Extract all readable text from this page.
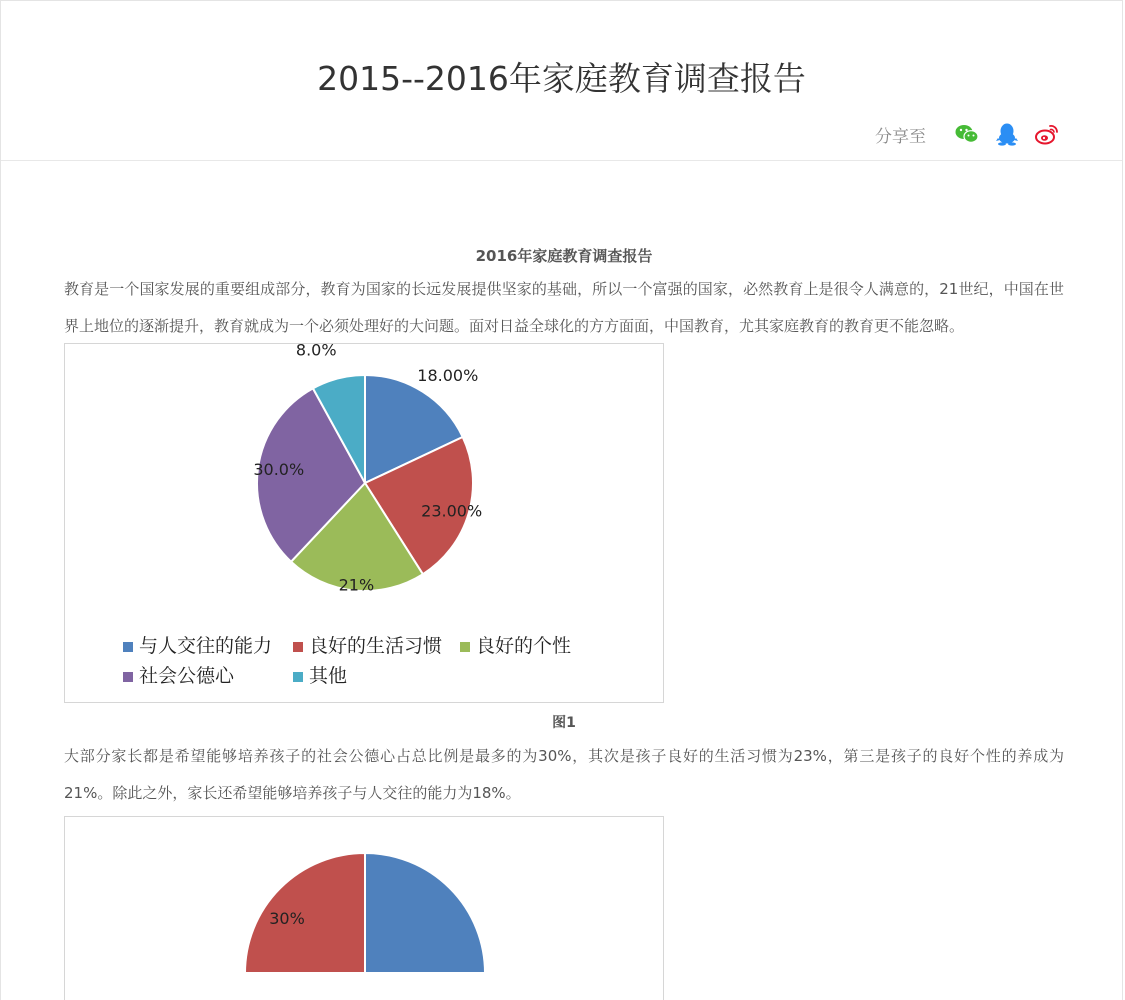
2015--2016年家庭教育调查报告
分享至
2016年家庭教育调查报告

教育是一个国家发展的重要组成部分，教育为国家的长远发展提供坚家的基础，所以一个富强的国家，必然教育上是很令人满意的，21世纪，中国在世界上地位的逐渐提升，教育就成为一个必须处理好的大问题。面对日益全球化的方方面面，中国教育，尤其家庭教育的教育更不能忽略。

18.00%
23.00%
21%
30.0%
8.0%
与人交往的能力 良好的生活习惯 良好的个性
社会公德心	其他
图1

大部分家长都是希望能够培养孩子的社会公德心占总比例是最多的为30%，其次是孩子良好的生活习惯为23%，第三是孩子的良好个性的养成为21%。除此之外，家长还希望能够培养孩子与人交往的能力为18%。

30%
